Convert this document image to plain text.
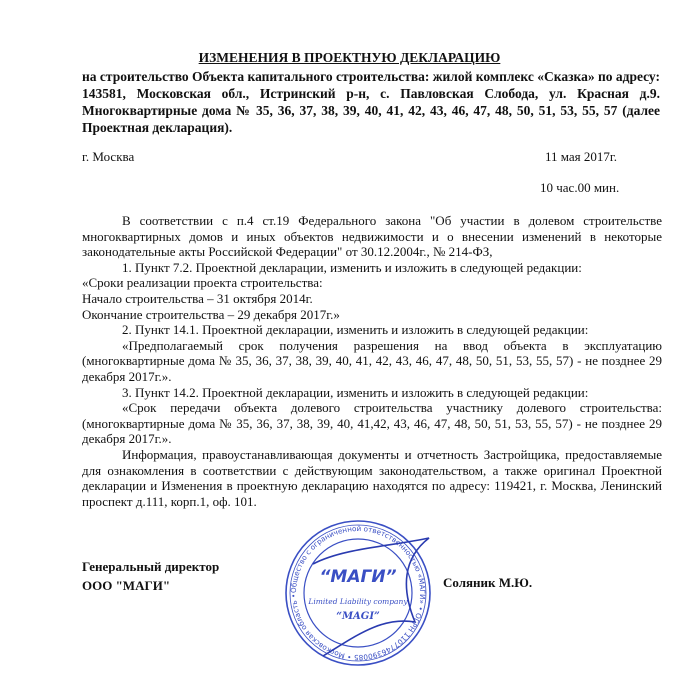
ИЗМЕНЕНИЯ В ПРОЕКТНУЮ ДЕКЛАРАЦИЮ
на строительство Объекта капитального строительства: жилой комплекс «Сказка» по адресу: 143581, Московская обл., Истринский р-н, с. Павловская Слобода, ул. Красная д.9. Многоквартирные дома № 35, 36, 37, 38, 39, 40, 41, 42, 43, 46, 47, 48, 50, 51, 53, 55, 57 (далее Проектная декларация).
г. Москва	11 мая 2017г.
10 час.00 мин.

В соответствии с п.4 ст.19 Федерального закона "Об участии в долевом строительстве многоквартирных домов и иных объектов недвижимости и о внесении изменений в некоторые законодательные акты Российской Федерации" от 30.12.2004г., № 214-ФЗ,

1. Пункт 7.2. Проектной декларации, изменить и изложить в следующей редакции:

«Сроки реализации проекта строительства:

Начало строительства – 31 октября 2014г.

Окончание строительства – 29 декабря 2017г.»

2. Пункт 14.1. Проектной декларации, изменить и изложить в следующей редакции:

«Предполагаемый срок получения разрешения на ввод объекта в эксплуатацию (многоквартирные дома № 35, 36, 37, 38, 39, 40, 41, 42, 43, 46, 47, 48, 50, 51, 53, 55, 57) - не позднее 29 декабря 2017г.».

3. Пункт 14.2. Проектной декларации, изменить и изложить в следующей редакции:

«Срок передачи объекта долевого строительства участнику долевого строительства: (многоквартирные дома № 35, 36, 37, 38, 39, 40, 41,42, 43, 46, 47, 48, 50, 51, 53, 55, 57) - не позднее 29 декабря 2017г.».

Информация, правоустанавливающая документы и отчетность Застройщика, предоставляемые для ознакомления в соответствии с действующим законодательством, а также оригинал Проектной декларации и Изменения в проектную декларацию находятся по адресу: 119421, г. Москва, Ленинский проспект д.111, корп.1, оф. 101.

Генеральный директор
ООО "МАГИ"	Соляник М.Ю.
Общество с ограниченной ответственностью «МАГИ» • ОГРН 1107746390085 • Московская область •
“МАГИ”
Limited Liability company
“MAGI”
